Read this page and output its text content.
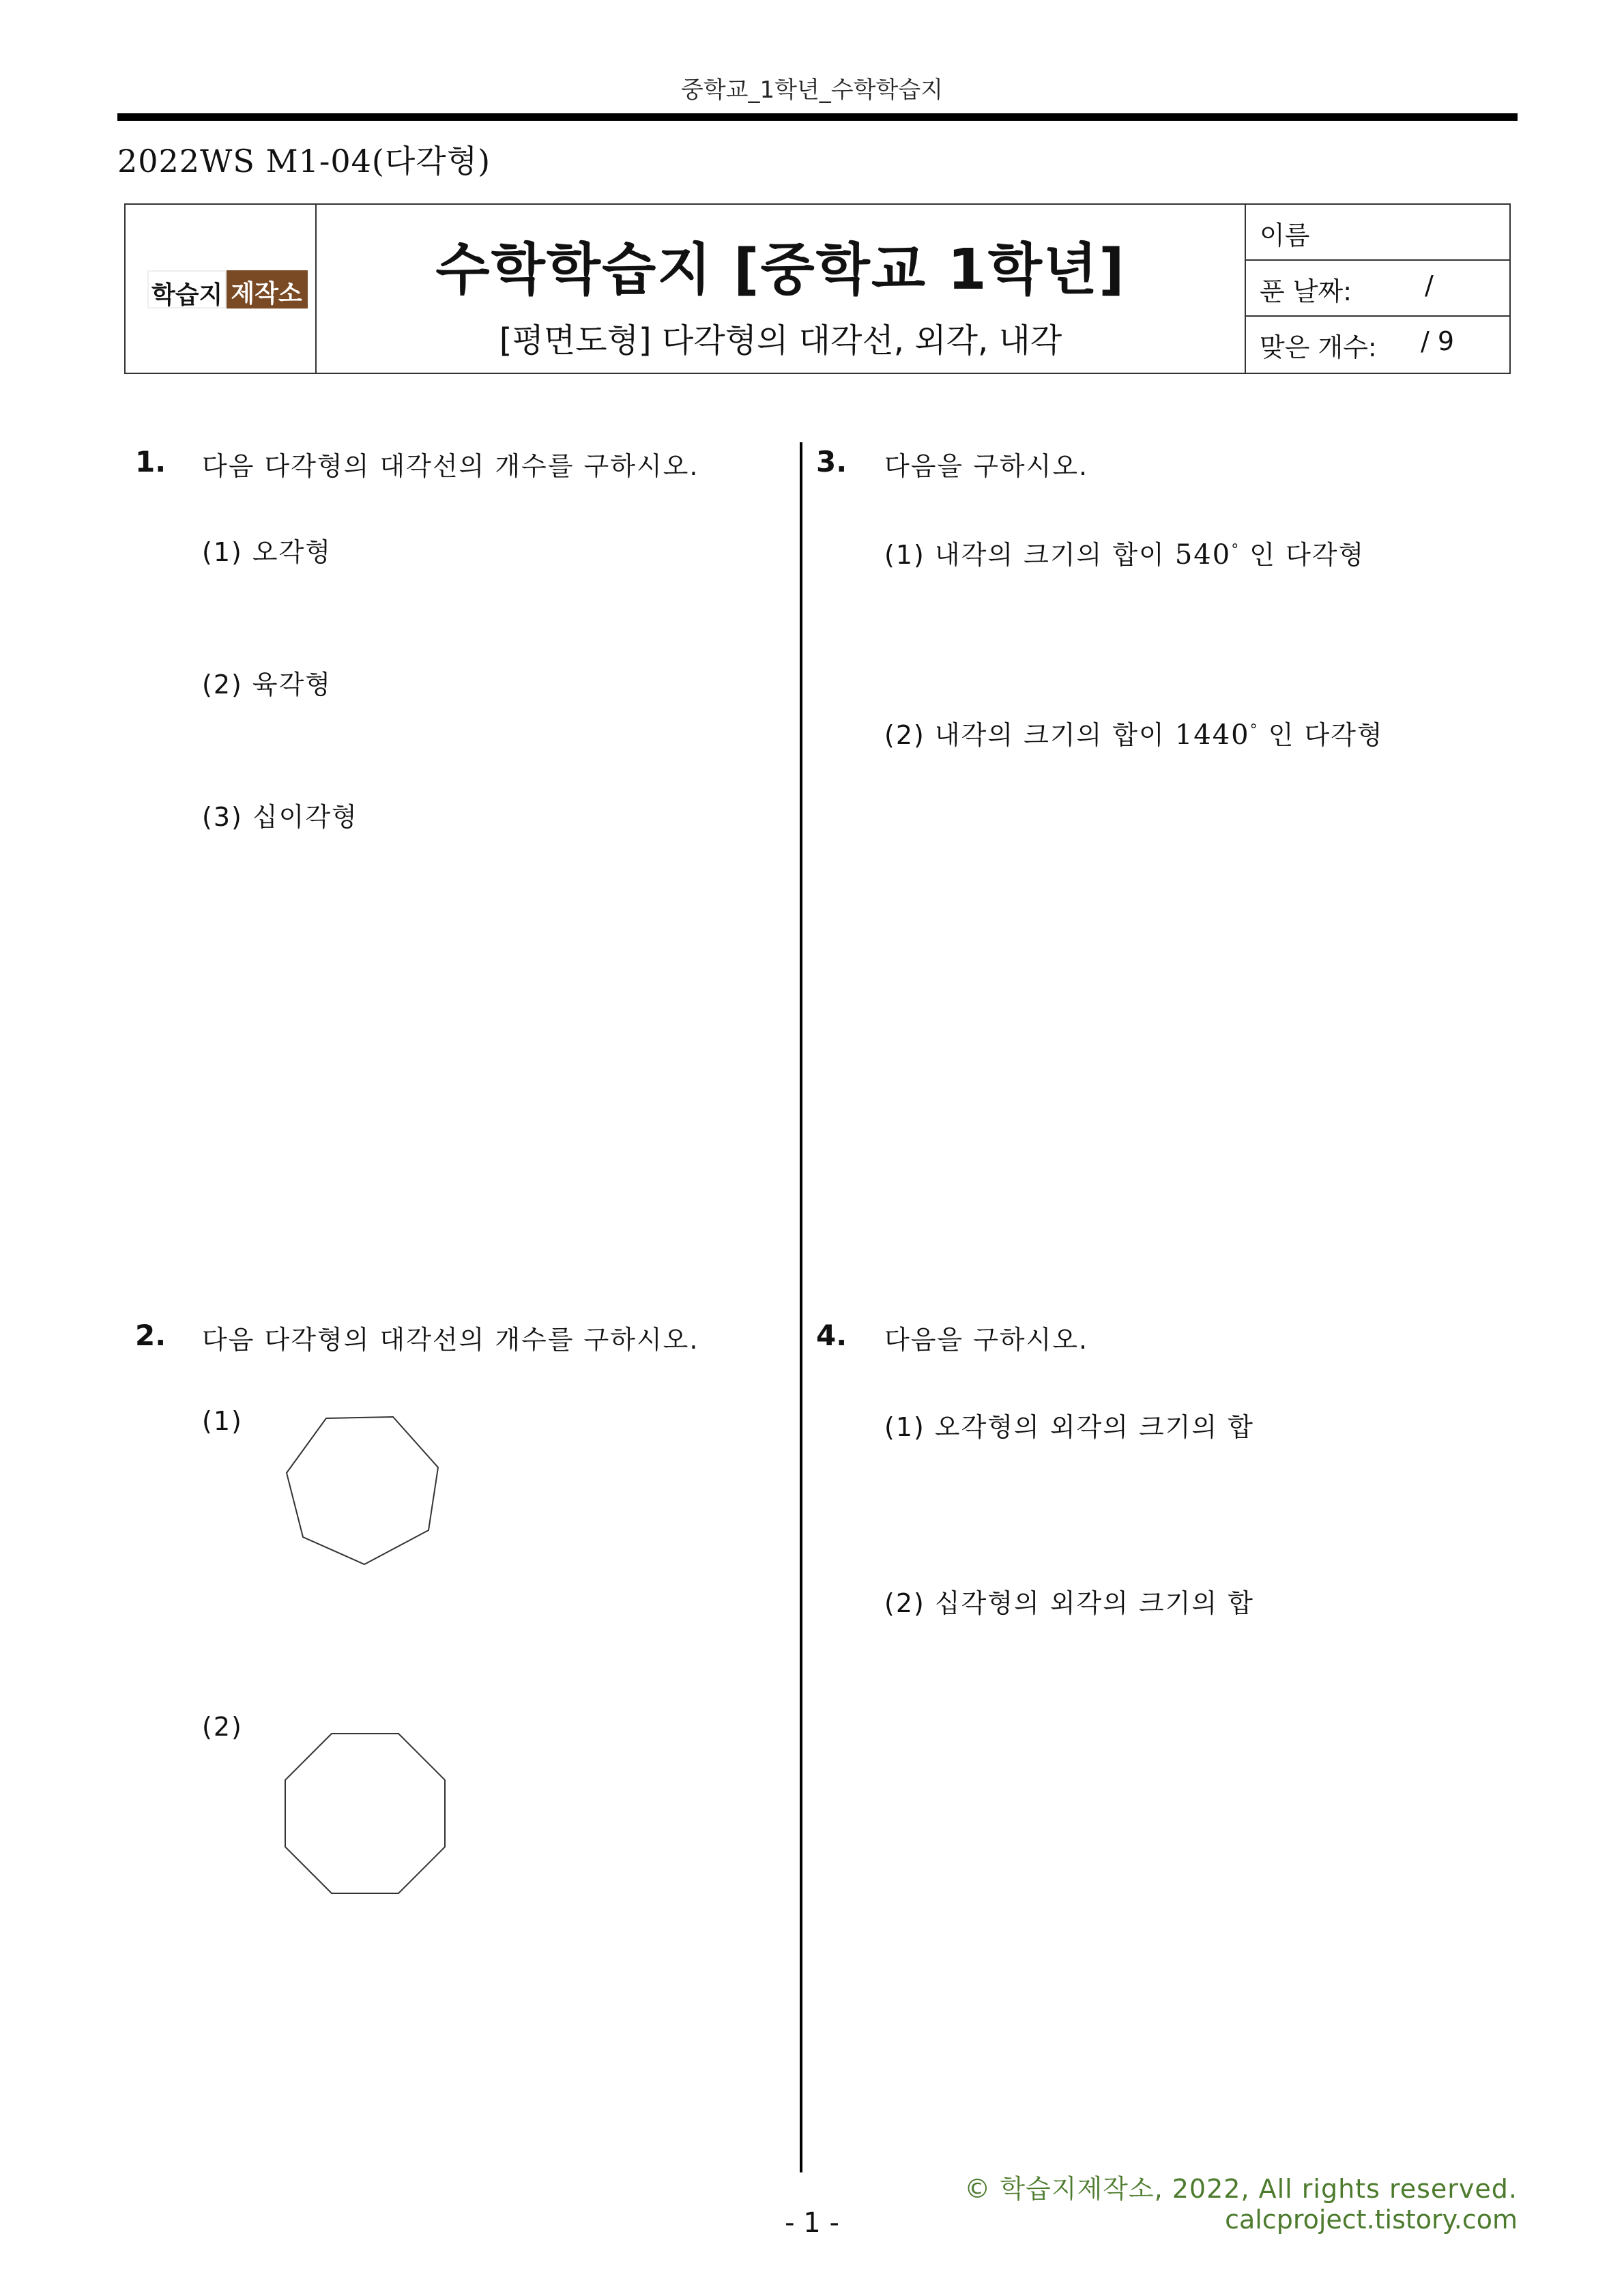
중학교_1학년_수학학습지
2022WS M1-04(다각형)
학습지 제작소	수학학습지 [중학교 1학년]
[평면도형] 다각형의 대각선, 외각, 내각
이름
푼 날짜:	/
맞은 개수: / 9
1. 다음 다각형의 대각선의 개수를 구하시오.
(1) 오각형
(2) 육각형
(3) 십이각형
2. 다음 다각형의 대각선의 개수를 구하시오.
(1)
(2)
3. 다음을 구하시오.
(1) 내각의 크기의 합이 540° 인 다각형
(2) 내각의 크기의 합이 1440° 인 다각형
4. 다음을 구하시오.
(1) 오각형의 외각의 크기의 합
(2) 십각형의 외각의 크기의 합
© 학습지제작소, 2022, All rights reserved.
calcproject.tistory.com
- 1 -
